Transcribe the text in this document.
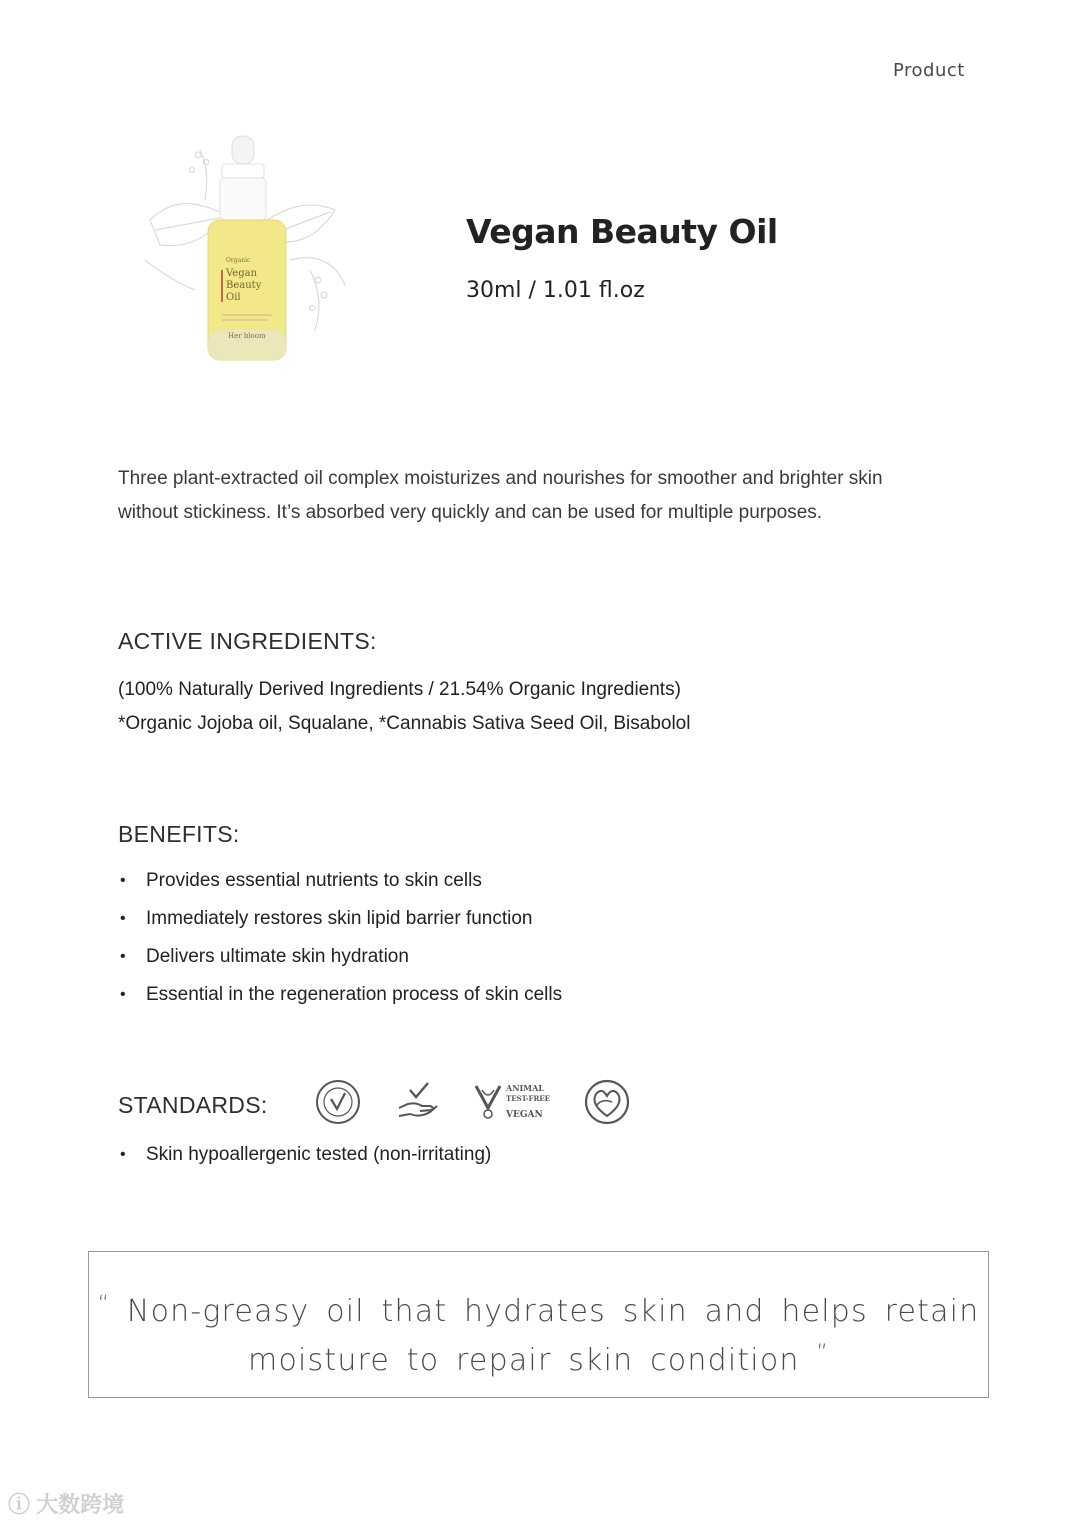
Product
Organic
Vegan
Beauty
Oil
Her bloom
Vegan Beauty Oil
30ml / 1.01 fl.oz
Three plant-extracted oil complex moisturizes and nourishes for smoother and brighter skin
without stickiness. It’s absorbed very quickly and can be used for multiple purposes.
ACTIVE INGREDIENTS:
(100% Naturally Derived Ingredients / 21.54% Organic Ingredients)
*Organic Jojoba oil, Squalane, *Cannabis Sativa Seed Oil, Bisabolol
BENEFITS:
• Provides essential nutrients to skin cells
• Immediately restores skin lipid barrier function
• Delivers ultimate skin hydration
• Essential in the regeneration process of skin cells
STANDARDS:
ANIMAL
TEST-FREE
VEGAN
• Skin hypoallergenic tested (non-irritating)
“ Non-greasy oil that hydrates skin and helps retain
moisture to repair skin condition ”
ⓘ 大数跨境
